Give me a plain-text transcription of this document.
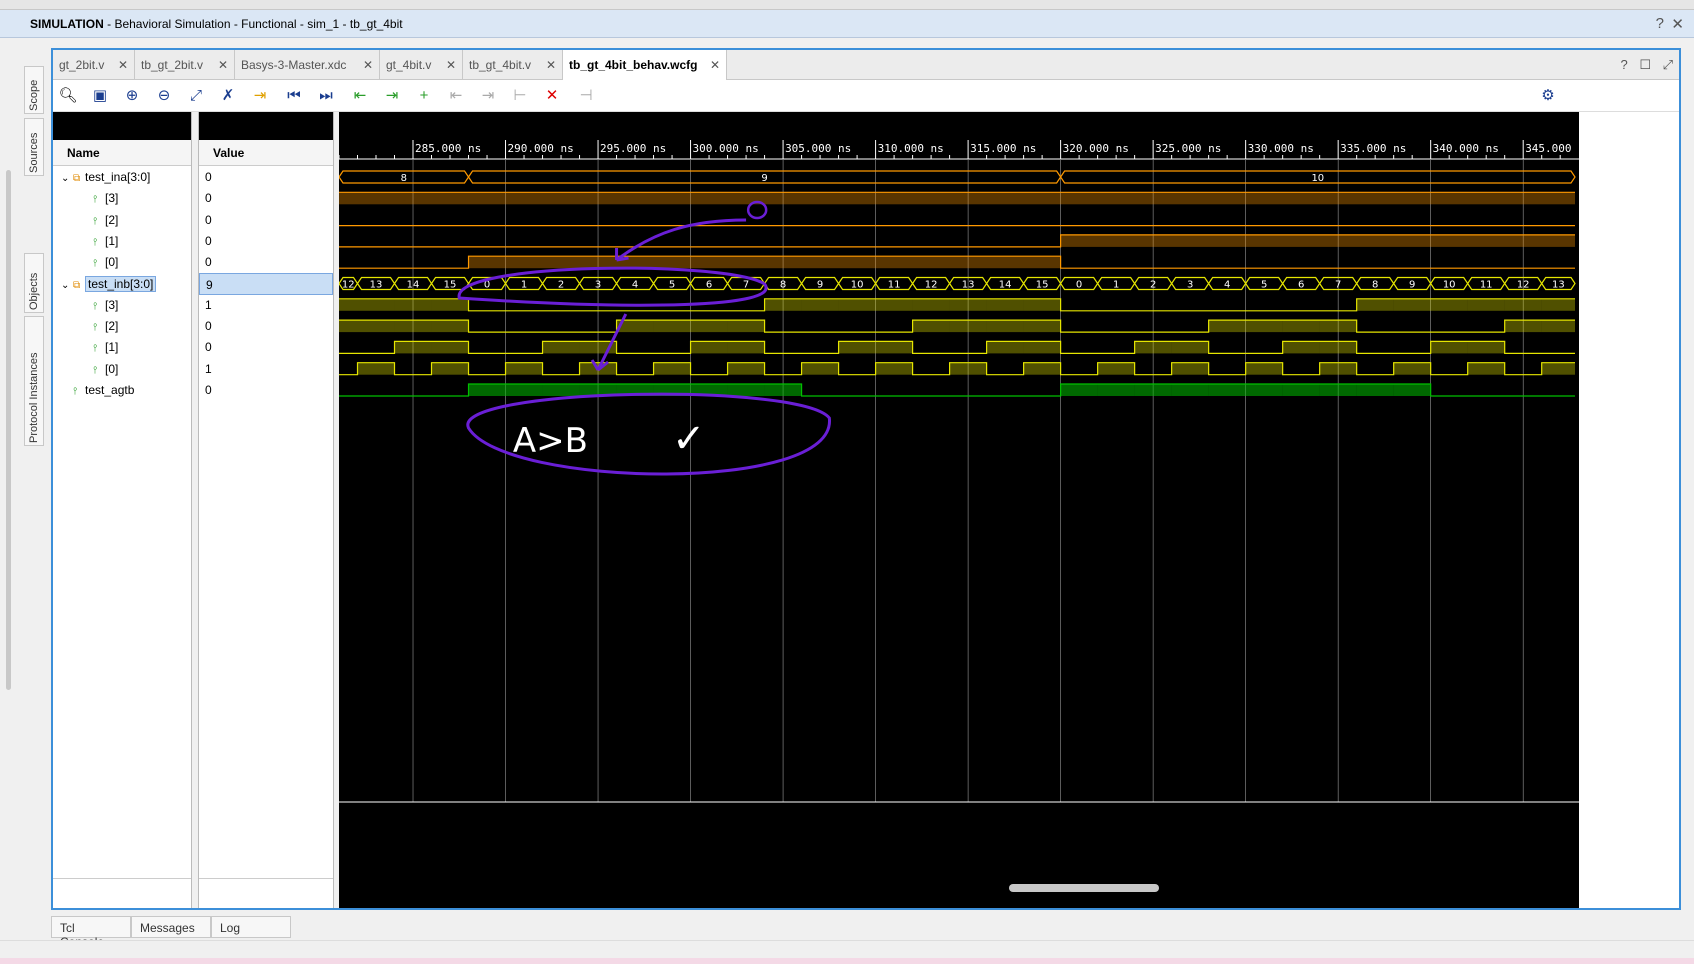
SIMULATION - Behavioral Simulation - Functional - sim_1 - tb_gt_4bit	? ✕
Scope
Sources
Objects
Protocol Instances
gt_2bit.v ✕	tb_gt_2bit.v ✕	Basys-3-Master.xdc ✕	gt_4bit.v ✕	tb_gt_4bit.v ✕	tb_gt_4bit_behav.wcfg ✕	? ☐ ⤢
🔍︎ ▣	⊕	⊖	⤢	✗	⇥	⏮︎ ⏭︎	⇤	⇥	+	⇤	⇥	⊢	✕	⊣	⚙
Name
⌄ ⧉ test_ina[3:0]
⫯ [3]
⫯ [2]
⫯ [1]
⫯ [0]
⌄ ⧉ test_inb[3:0]
⫯ [3]
⫯ [2]
⫯ [1]
⫯ [0]
⫯ test_agtb
Value
0
0
0
0
0
9
1
0
0
1
0
285.000 ns 290.000 ns 295.000 ns 300.000 ns 305.000 ns 310.000 ns 315.000 ns 320.000 ns 325.000 ns 330.000 ns 335.000 ns 340.000 ns 345.000
8	9	10
12 13 14 15	0	1	2	3	4	5	6	7	8	9	10 11 12 13 14 15	0	1	2	3	4	5	6	7	8	9	10 11 12 13
A>B ✓
Tcl	Messages	Log
